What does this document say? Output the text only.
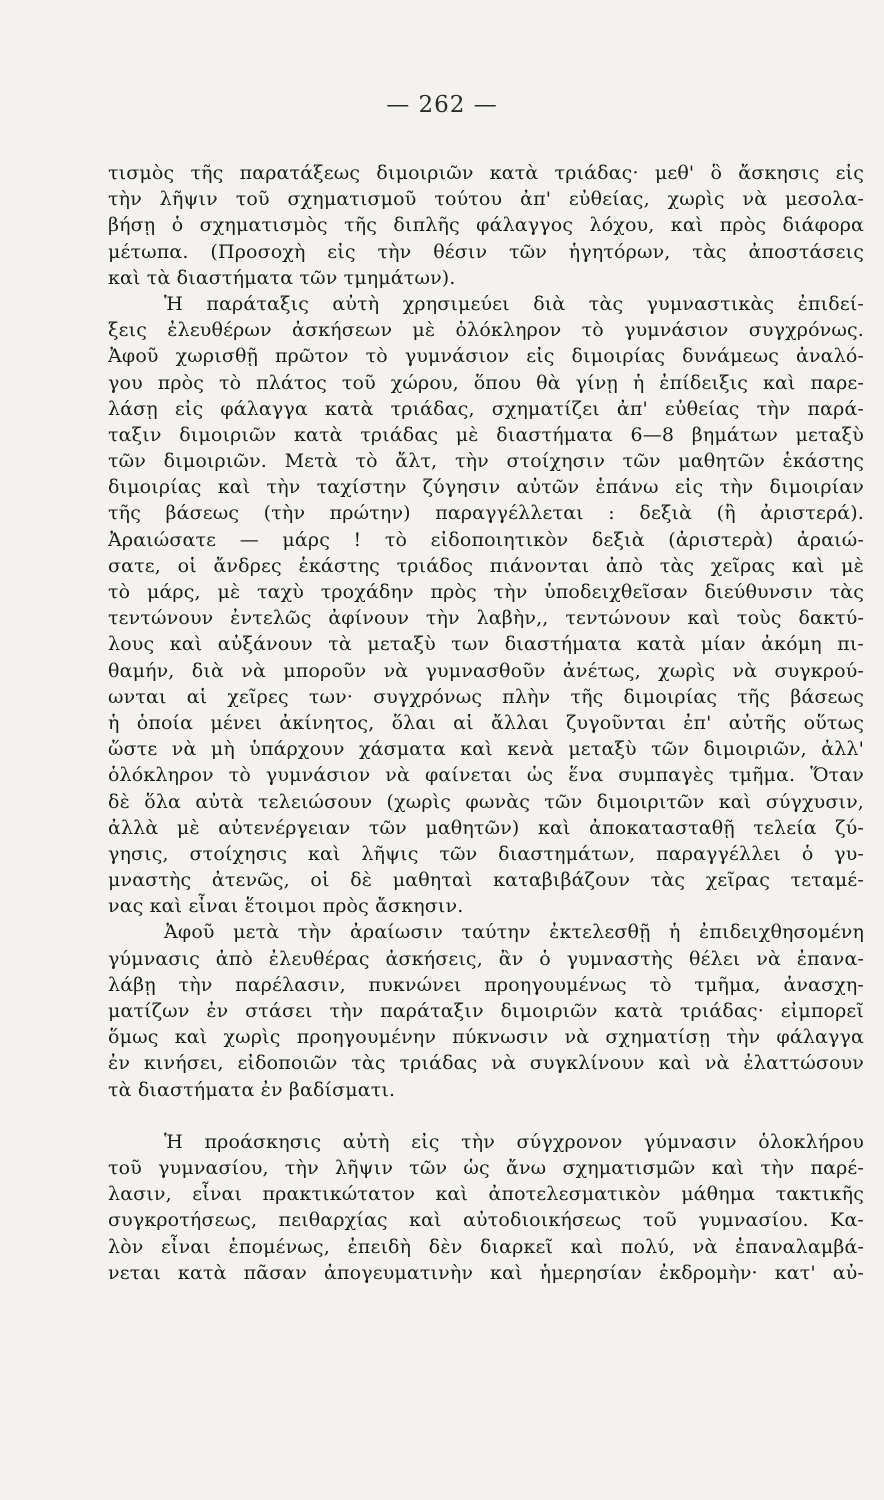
— 262 —
τισμὸς τῆς παρατάξεως διμοιριῶν κατὰ τριάδας· μεθ' ὃ ἄσκησις εἰς
τὴν λῆψιν τοῦ σχηματισμοῦ τούτου ἀπ' εὐθείας, χωρὶς νὰ μεσολα-
βήσῃ ὁ σχηματισμὸς τῆς διπλῆς φάλαγγος λόχου, καὶ πρὸς διάφορα
μέτωπα. (Προσοχὴ εἰς τὴν θέσιν τῶν ἡγητόρων, τὰς ἀποστάσεις
καὶ τὰ διαστήματα τῶν τμημάτων).
Ἡ παράταξις αὐτὴ χρησιμεύει διὰ τὰς γυμναστικὰς ἐπιδεί-
ξεις ἐλευθέρων ἀσκήσεων μὲ ὁλόκληρον τὸ γυμνάσιον συγχρόνως.
Ἀφοῦ χωρισθῇ πρῶτον τὸ γυμνάσιον εἰς διμοιρίας δυνάμεως ἀναλό-
γου πρὸς τὸ πλάτος τοῦ χώρου, ὅπου θὰ γίνῃ ἡ ἐπίδειξις καὶ παρε-
λάσῃ εἰς φάλαγγα κατὰ τριάδας, σχηματίζει ἀπ' εὐθείας τὴν παρά-
ταξιν διμοιριῶν κατὰ τριάδας μὲ διαστήματα 6—8 βημάτων μεταξὺ
τῶν διμοιριῶν. Μετὰ τὸ ἄλτ, τὴν στοίχησιν τῶν μαθητῶν ἑκάστης
διμοιρίας καὶ τὴν ταχίστην ζύγησιν αὐτῶν ἐπάνω εἰς τὴν διμοιρίαν
τῆς βάσεως (τὴν πρώτην) παραγγέλλεται : δεξιὰ (ἢ ἀριστερά).
Ἀραιώσατε — μάρς ! τὸ εἰδοποιητικὸν δεξιὰ (ἀριστερὰ) ἀραιώ-
σατε, οἱ ἄνδρες ἑκάστης τριάδος πιάνονται ἀπὸ τὰς χεῖρας καὶ μὲ
τὸ μάρς, μὲ ταχὺ τροχάδην πρὸς τὴν ὑποδειχθεῖσαν διεύθυνσιν τὰς
τεντώνουν ἐντελῶς ἀφίνουν τὴν λαβὴν,, τεντώνουν καὶ τοὺς δακτύ-
λους καὶ αὐξάνουν τὰ μεταξὺ των διαστήματα κατὰ μίαν ἀκόμη πι-
θαμήν, διὰ νὰ μποροῦν νὰ γυμνασθοῦν ἀνέτως, χωρὶς νὰ συγκρού-
ωνται αἱ χεῖρες των· συγχρόνως πλὴν τῆς διμοιρίας τῆς βάσεως
ἡ ὁποία μένει ἀκίνητος, ὅλαι αἱ ἄλλαι ζυγοῦνται ἐπ' αὐτῆς οὕτως
ὥστε νὰ μὴ ὑπάρχουν χάσματα καὶ κενὰ μεταξὺ τῶν διμοιριῶν, ἀλλ'
ὁλόκληρον τὸ γυμνάσιον νὰ φαίνεται ὡς ἕνα συμπαγὲς τμῆμα. Ὅταν
δὲ ὅλα αὐτὰ τελειώσουν (χωρὶς φωνὰς τῶν διμοιριτῶν καὶ σύγχυσιν,
ἀλλὰ μὲ αὐτενέργειαν τῶν μαθητῶν) καὶ ἀποκατασταθῇ τελεία ζύ-
γησις, στοίχησις καὶ λῆψις τῶν διαστημάτων, παραγγέλλει ὁ γυ-
μναστὴς ἀτενῶς, οἱ δὲ μαθηταὶ καταβιβάζουν τὰς χεῖρας τεταμέ-
νας καὶ εἶναι ἕτοιμοι πρὸς ἄσκησιν.
Ἀφοῦ μετὰ τὴν ἀραίωσιν ταύτην ἐκτελεσθῇ ἡ ἐπιδειχθησομένη
γύμνασις ἀπὸ ἐλευθέρας ἀσκήσεις, ἂν ὁ γυμναστὴς θέλει νὰ ἐπανα-
λάβῃ τὴν παρέλασιν, πυκνώνει προηγουμένως τὸ τμῆμα, ἀνασχη-
ματίζων ἐν στάσει τὴν παράταξιν διμοιριῶν κατὰ τριάδας· εἰμπορεῖ
ὅμως καὶ χωρὶς προηγουμένην πύκνωσιν νὰ σχηματίσῃ τὴν φάλαγγα
ἐν κινήσει, εἰδοποιῶν τὰς τριάδας νὰ συγκλίνουν καὶ νὰ ἐλαττώσουν
τὰ διαστήματα ἐν βαδίσματι.
Ἡ προάσκησις αὐτὴ εἰς τὴν σύγχρονον γύμνασιν ὁλοκλήρου
τοῦ γυμνασίου, τὴν λῆψιν τῶν ὡς ἄνω σχηματισμῶν καὶ τὴν παρέ-
λασιν, εἶναι πρακτικώτατον καὶ ἀποτελεσματικὸν μάθημα τακτικῆς
συγκροτήσεως, πειθαρχίας καὶ αὐτοδιοικήσεως τοῦ γυμνασίου. Κα-
λὸν εἶναι ἑπομένως, ἐπειδὴ δὲν διαρκεῖ καὶ πολύ, νὰ ἐπαναλαμβά-
νεται κατὰ πᾶσαν ἀπογευματινὴν καὶ ἡμερησίαν ἐκδρομὴν· κατ' αὐ-
